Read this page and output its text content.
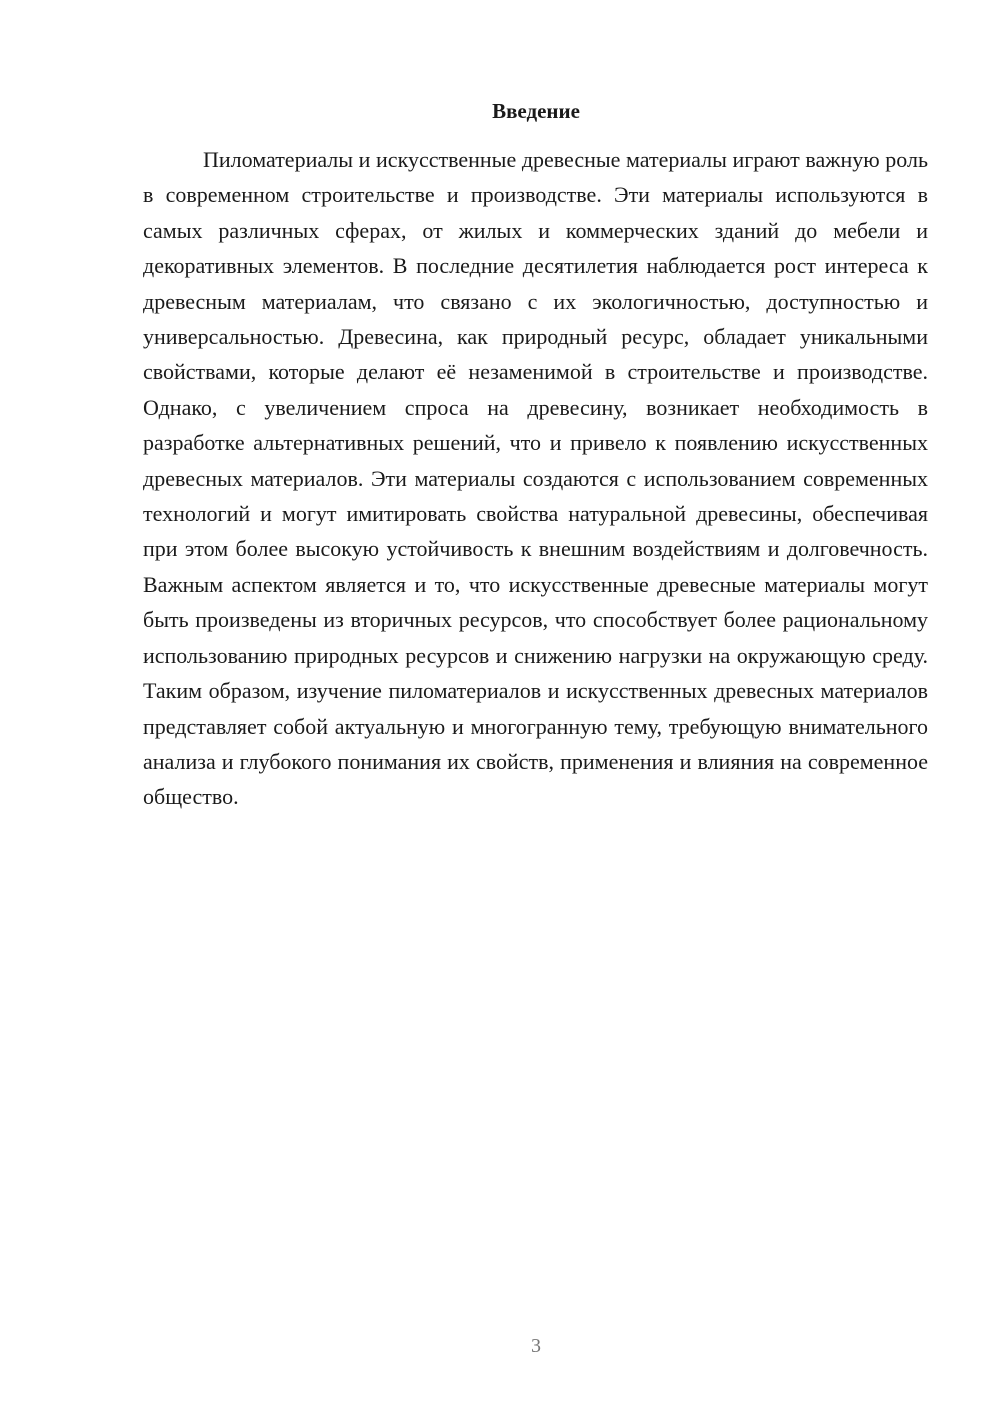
Введение

Пиломатериалы и искусственные древесные материалы играют важную роль в современном строительстве и производстве. Эти материалы используются в самых различных сферах, от жилых и коммерческих зданий до мебели и декоративных элементов. В последние десятилетия наблюдается рост интереса к древесным материалам, что связано с их экологичностью, доступностью и универсальностью. Древесина, как природный ресурс, обладает уникальными свойствами, которые делают её незаменимой в строительстве и производстве. Однако, с увеличением спроса на древесину, возникает необходимость в разработке альтернативных решений, что и привело к появлению искусственных древесных материалов. Эти материалы создаются с использованием современных технологий и могут имитировать свойства натуральной древесины, обеспечивая при этом более высокую устойчивость к внешним воздействиям и долговечность. Важным аспектом является и то, что искусственные древесные материалы могут быть произведены из вторичных ресурсов, что способствует более рациональному использованию природных ресурсов и снижению нагрузки на окружающую среду. Таким образом, изучение пиломатериалов и искусственных древесных материалов представляет собой актуальную и многогранную тему, требующую внимательного анализа и глубокого понимания их свойств, применения и влияния на современное общество.

3
